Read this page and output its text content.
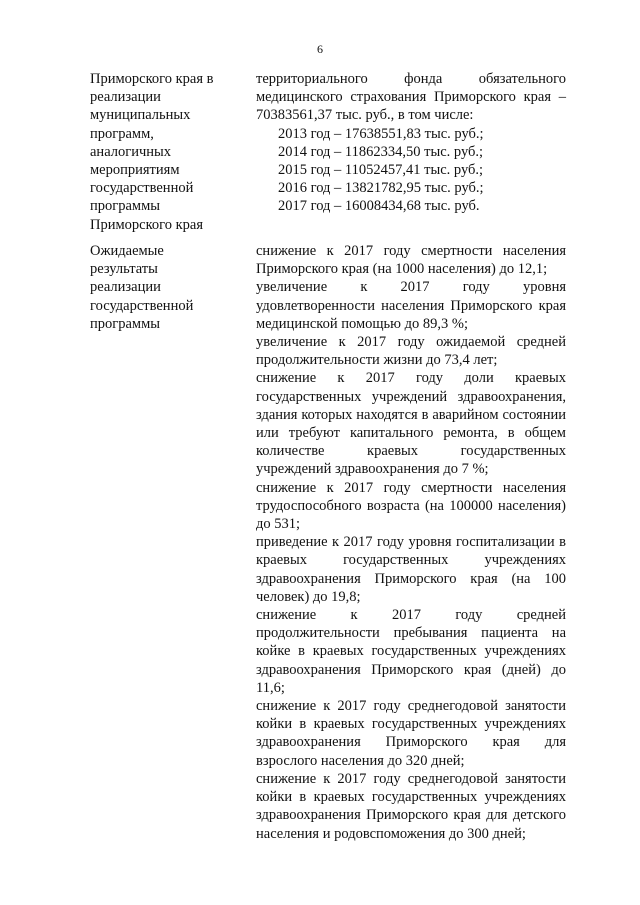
6
Приморского края в
реализации
муниципальных
программ,
аналогичных
мероприятиям
государственной
программы
Приморского края

территориального фонда обязательного медицинского страхования Приморского края – 70383561,37 тыс. руб., в том числе:

2013 год – 17638551,83 тыс. руб.;

2014 год – 11862334,50 тыс. руб.;

2015 год – 11052457,41 тыс. руб.;

2016 год – 13821782,95 тыс. руб.;

2017 год – 16008434,68 тыс. руб.

Ожидаемые
результаты
реализации
государственной
программы

снижение к 2017 году смертности населения Приморского края (на 1000 населения) до 12,1;

увеличение к 2017 году уровня удовлетворенности населения Приморского края медицинской помощью до 89,3 %;

увеличение к 2017 году ожидаемой средней продолжительности жизни до 73,4 лет;

снижение к 2017 году доли краевых государственных учреждений здравоохранения, здания которых находятся в аварийном состоянии или требуют капитального ремонта, в общем количестве краевых государственных учреждений здравоохранения до 7 %;

снижение к 2017 году смертности населения трудоспособного возраста (на 100000 населения) до 531;

приведение к 2017 году уровня госпитализации в краевых государственных учреждениях здравоохранения Приморского края (на 100 человек) до 19,8;

снижение к 2017 году средней продолжительности пребывания пациента на койке в краевых государственных учреждениях здравоохранения Приморского края (дней) до 11,6;

снижение к 2017 году среднегодовой занятости койки в краевых государственных учреждениях здравоохранения Приморского края для взрослого населения до 320 дней;

снижение к 2017 году среднегодовой занятости койки в краевых государственных учреждениях здравоохранения Приморского края для детского населения и родовспоможения до 300 дней;
